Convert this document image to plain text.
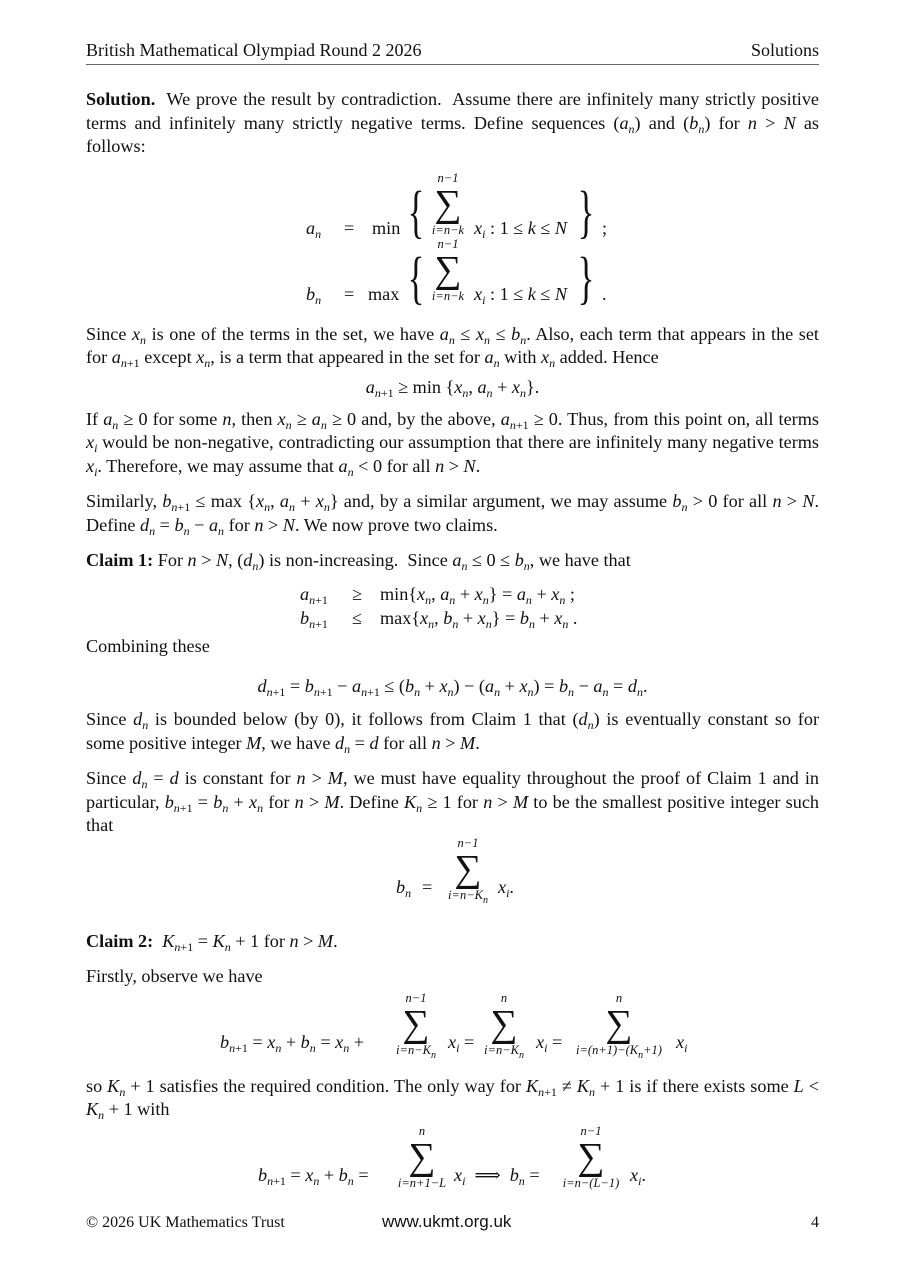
British Mathematical Olympiad Round 2 2026	Solutions

Solution.  We prove the result by contradiction.  Assume there are infinitely many strictly positive terms and infinitely many strictly negative terms. Define sequences $(a_n)$ and $(b_n)$ for n > N as follows:

$a_n = \min$ {
n−1
∑
i=n−k $x_i$ : 1 ≤ k ≤ N } ;
$b_n = \max$ {
n−1
∑
i=n−k $x_i$ : 1 ≤ k ≤ N } .

Since $x_n$ is one of the terms in the set, we have $a_n \le x_n \le b_n$. Also, each term that appears in the set for $a_{n+1}$ except $x_n$, is a term that appeared in the set for $a_n$ with $x_n$ added. Hence

$a_{n+1} \ge \min \{x_n$, $a_n + x_n$}.

If $a_n \ge 0$ for some n, then $x_n \ge a_n \ge 0$ and, by the above, $a_{n+1} \ge 0$. Thus, from this point on, all terms $x_i$ would be non-negative, contradicting our assumption that there are infinitely many negative terms $x_i$. Therefore, we may assume that $a_n < 0$ for all n > N.

Similarly, $b_{n+1} \le \max \{x_n$, $a_n + x_n$} and, by a similar argument, we may assume $b_n > 0$ for all n > N. Define $d_n = b_n - a_n$ for n > N. We now prove two claims.

Claim 1: For n > N, $(d_n)$ is non-increasing.  Since $a_n \le 0 \le b_n$, we have that

$a_{n+1} \ge \min\{x_n$, $a_n + x_n\} = a_n + x_n$ ;
$b_{n+1} \le \max\{x_n$, $b_n + x_n\} = b_n + x_n$ .

Combining these

$d_{n+1} = b_{n+1} - a_{n+1} \le (b_n + x_n) - (a_n + x_n) = b_n - a_n = d_n$.

Since $d_n$ is bounded below (by 0), it follows from Claim 1 that $(d_n)$ is eventually constant so for some positive integer M, we have $d_n = d$ for all n > M.

Since $d_n = d$ is constant for n > M, we must have equality throughout the proof of Claim 1 and in particular, $b_{n+1} = b_n + x_n$ for n > M. Define $K_n \ge 1$ for n > M to be the smallest positive integer such that

$b_n$ =
n−1
∑
$i=n-K_n$
$x_i$.

Claim 2: $K_{n+1} = K_n + 1$ for n > M.

Firstly, observe we have

$b_{n+1} = x_n + b_n = x_n$ +
n−1
∑
$i=n-K_n$
$x_i$ =
n
∑
$i=n-K_n$
$x_i$ =
n
∑
$i=(n+1)-(K_n+1)$ $x_i$

so $K_n + 1$ satisfies the required condition. The only way for $K_{n+1} \ne K_n + 1$ is if there exists some $L < K_n + 1$ with

$b_{n+1} = x_n + b_n$ =
n
∑
i=n+1−L $x_i$  ⟹  $b_n$ =
n−1
∑
i=n−(L−1) $x_i$.
© 2026 UK Mathematics Trust	www.ukmt.org.uk	4
